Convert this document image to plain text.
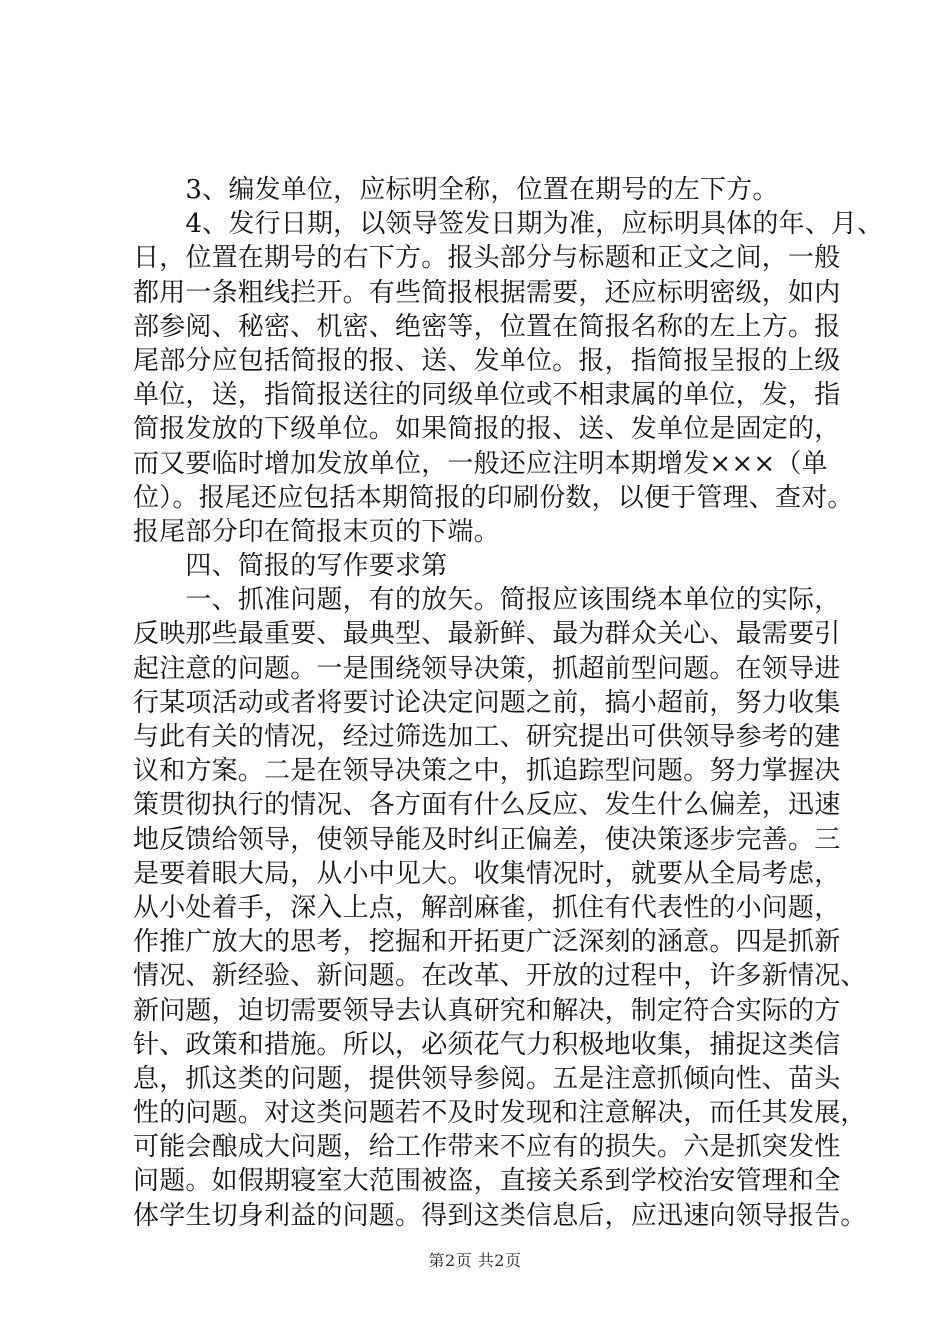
　　3、编发单位，应标明全称，位置在期号的左下方。
　　4、发行日期，以领导签发日期为准，应标明具体的年、月、
日，位置在期号的右下方。报头部分与标题和正文之间，一般
都用一条粗线拦开。有些简报根据需要，还应标明密级，如内
部参阅、秘密、机密、绝密等，位置在简报名称的左上方。报
尾部分应包括简报的报、送、发单位。报，指简报呈报的上级
单位，送，指简报送往的同级单位或不相隶属的单位，发，指
简报发放的下级单位。如果简报的报、送、发单位是固定的，
而又要临时增加发放单位，一般还应注明本期增发×××（单
位）。报尾还应包括本期简报的印刷份数，以便于管理、查对。
报尾部分印在简报末页的下端。
　　四、简报的写作要求第
　　一、抓准问题，有的放矢。简报应该围绕本单位的实际，
反映那些最重要、最典型、最新鲜、最为群众关心、最需要引
起注意的问题。一是围绕领导决策，抓超前型问题。在领导进
行某项活动或者将要讨论决定问题之前，搞小超前，努力收集
与此有关的情况，经过筛选加工、研究提出可供领导参考的建
议和方案。二是在领导决策之中，抓追踪型问题。努力掌握决
策贯彻执行的情况、各方面有什么反应、发生什么偏差，迅速
地反馈给领导，使领导能及时纠正偏差，使决策逐步完善。三
是要着眼大局，从小中见大。收集情况时，就要从全局考虑，
从小处着手，深入上点，解剖麻雀，抓住有代表性的小问题，
作推广放大的思考，挖掘和开拓更广泛深刻的涵意。四是抓新
情况、新经验、新问题。在改革、开放的过程中，许多新情况、
新问题，迫切需要领导去认真研究和解决，制定符合实际的方
针、政策和措施。所以，必须花气力积极地收集，捕捉这类信
息，抓这类的问题，提供领导参阅。五是注意抓倾向性、苗头
性的问题。对这类问题若不及时发现和注意解决，而任其发展，
可能会酿成大问题，给工作带来不应有的损失。六是抓突发性
问题。如假期寝室大范围被盗，直接关系到学校治安管理和全
体学生切身利益的问题。得到这类信息后，应迅速向领导报告。
第2页 共2页
